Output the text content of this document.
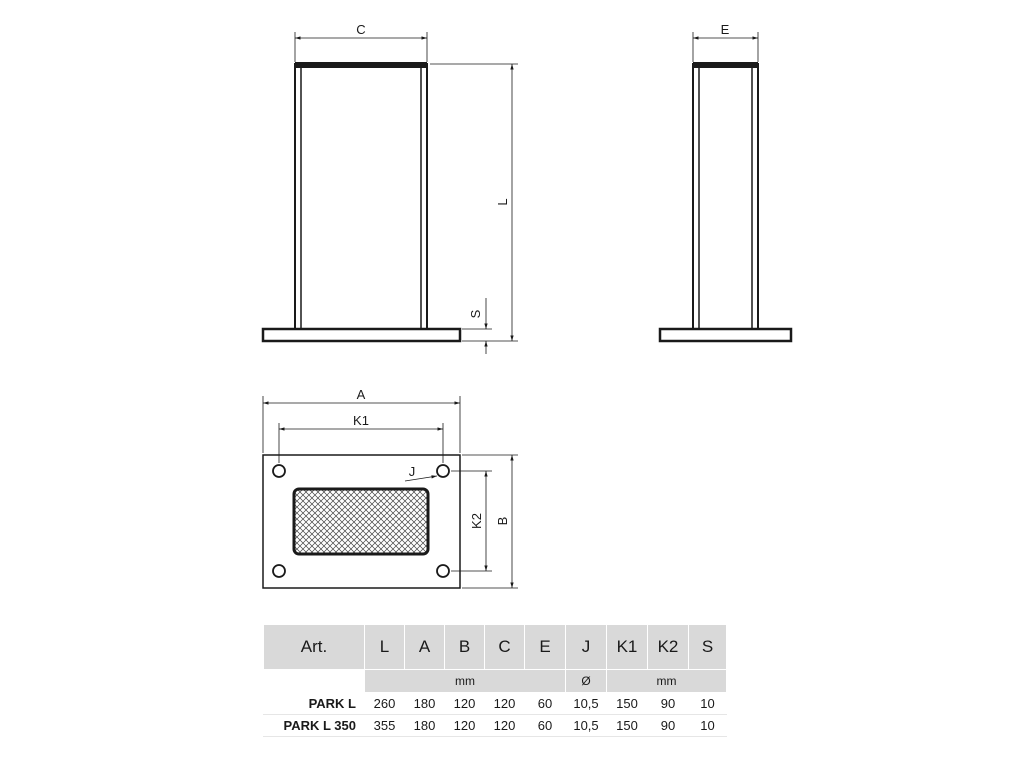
C
L
S
E
A
K1
J
K2 B
Art.	L	A	B	C	E	J	K1	K2	S
	mm					Ø	mm		
PARK L	260	180	120	120	60	10,5	150	90	10
PARK L 350	355	180	120	120	60	10,5	150	90	10
